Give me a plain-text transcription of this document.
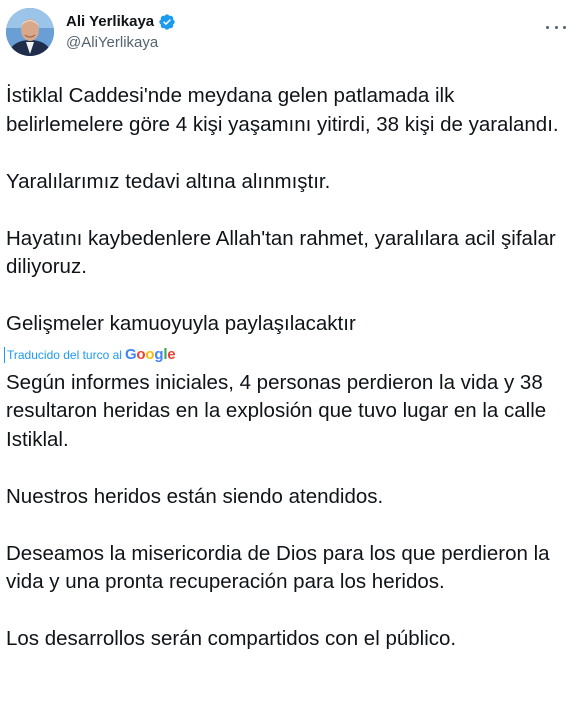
Ali Yerlikaya
@AliYerlikaya

İstiklal Caddesi'nde meydana gelen patlamada ilk belirlemelere göre 4 kişi yaşamını yitirdi, 38 kişi de yaralandı.

Yaralılarımız tedavi altına alınmıştır.

Hayatını kaybedenlere Allah'tan rahmet, yaralılara acil şifalar diliyoruz.

Gelişmeler kamuoyuyla paylaşılacaktır

Traducido del turco al Google

Según informes iniciales, 4 personas perdieron la vida y 38 resultaron heridas en la explosión que tuvo lugar en la calle Istiklal.

Nuestros heridos están siendo atendidos.

Deseamos la misericordia de Dios para los que perdieron la vida y una pronta recuperación para los heridos.

Los desarrollos serán compartidos con el público.
